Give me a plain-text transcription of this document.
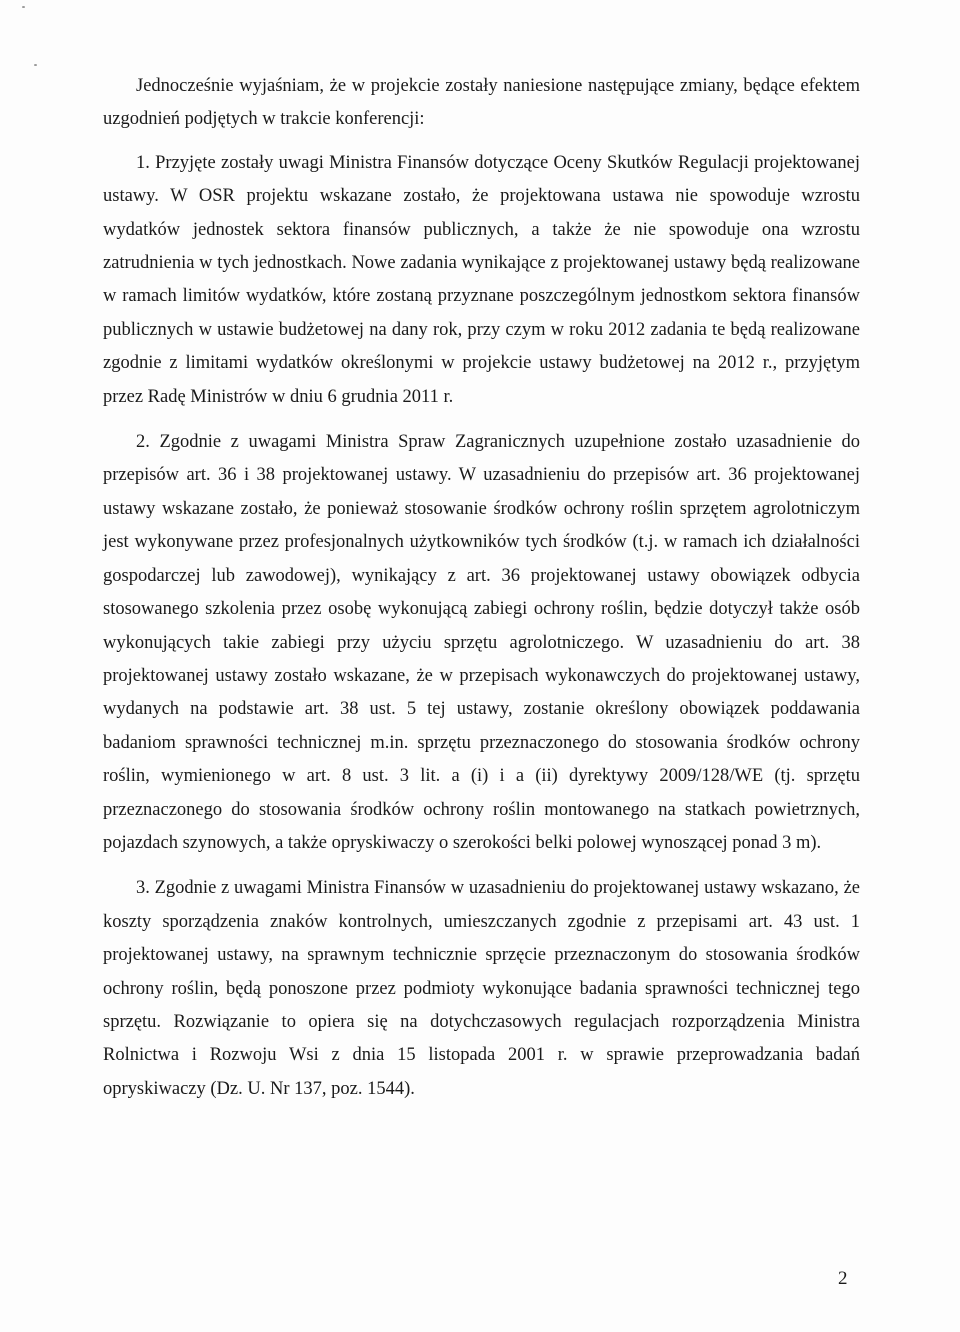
Jednocześnie wyjaśniam, że w projekcie zostały naniesione następujące zmiany, będące efektem uzgodnień podjętych w trakcie konferencji:

1. Przyjęte zostały uwagi Ministra Finansów dotyczące Oceny Skutków Regulacji projektowanej ustawy. W OSR projektu wskazane zostało, że projektowana ustawa nie spowoduje wzrostu wydatków jednostek sektora finansów publicznych, a także że nie spowoduje ona wzrostu zatrudnienia w tych jednostkach. Nowe zadania wynikające z projektowanej ustawy będą realizowane w ramach limitów wydatków, które zostaną przyznane poszczególnym jednostkom sektora finansów publicznych w ustawie budżetowej na dany rok, przy czym w roku 2012 zadania te będą realizowane zgodnie z limitami wydatków określonymi w projekcie ustawy budżetowej na 2012 r., przyjętym przez Radę Ministrów w dniu 6 grudnia 2011 r.

2. Zgodnie z uwagami Ministra Spraw Zagranicznych uzupełnione zostało uzasadnienie do przepisów art. 36 i 38 projektowanej ustawy. W uzasadnieniu do przepisów art. 36 projektowanej ustawy wskazane zostało, że ponieważ stosowanie środków ochrony roślin sprzętem agrolotniczym jest wykonywane przez profesjonalnych użytkowników tych środków (t.j. w ramach ich działalności gospodarczej lub zawodowej), wynikający z art. 36 projektowanej ustawy obowiązek odbycia stosowanego szkolenia przez osobę wykonującą zabiegi ochrony roślin, będzie dotyczył także osób wykonujących takie zabiegi przy użyciu sprzętu agrolotniczego. W uzasadnieniu do art. 38 projektowanej ustawy zostało wskazane, że w przepisach wykonawczych do projektowanej ustawy, wydanych na podstawie art. 38 ust. 5 tej ustawy, zostanie określony obowiązek poddawania badaniom sprawności technicznej m.in. sprzętu przeznaczonego do stosowania środków ochrony roślin, wymienionego w art. 8 ust. 3 lit. a (i) i a (ii) dyrektywy 2009/128/WE (tj. sprzętu przeznaczonego do stosowania środków ochrony roślin montowanego na statkach powietrznych, pojazdach szynowych, a także opryskiwaczy o szerokości belki polowej wynoszącej ponad 3 m).

3. Zgodnie z uwagami Ministra Finansów w uzasadnieniu do projektowanej ustawy wskazano, że koszty sporządzenia znaków kontrolnych, umieszczanych zgodnie z przepisami art. 43 ust. 1 projektowanej ustawy, na sprawnym technicznie sprzęcie przeznaczonym do stosowania środków ochrony roślin, będą ponoszone przez podmioty wykonujące badania sprawności technicznej tego sprzętu. Rozwiązanie to opiera się na dotychczasowych regulacjach rozporządzenia Ministra Rolnictwa i Rozwoju Wsi z dnia 15 listopada 2001 r. w sprawie przeprowadzania badań opryskiwaczy (Dz. U. Nr 137, poz. 1544).

2
